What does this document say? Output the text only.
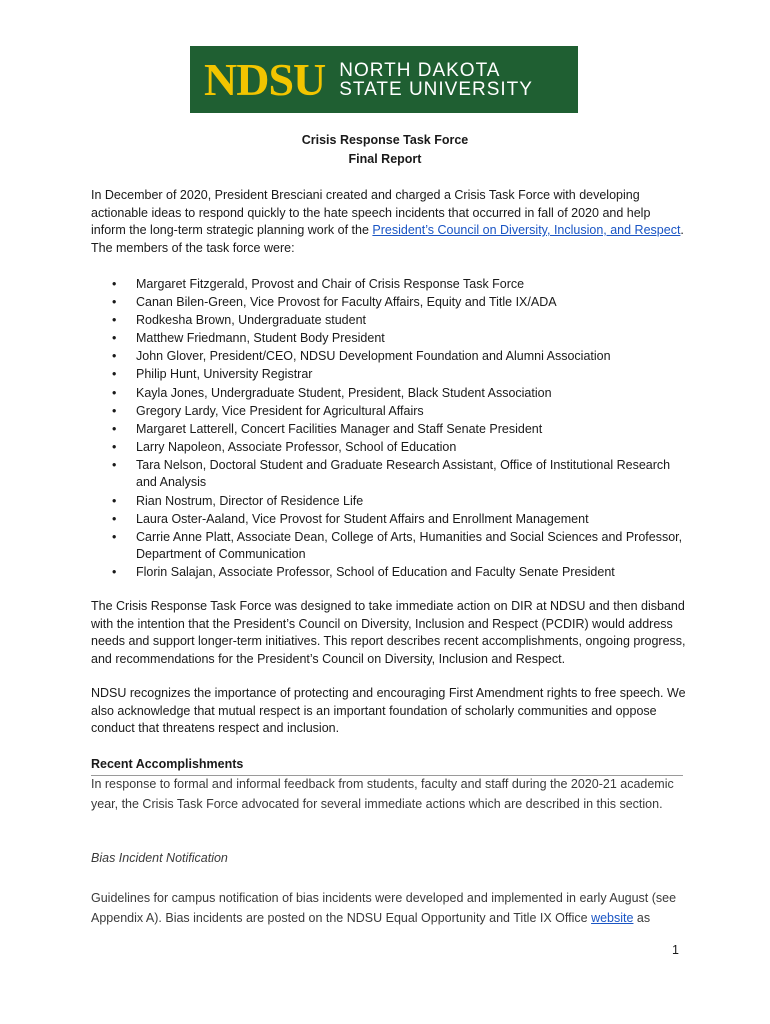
NDSU NORTH DAKOTA
STATE UNIVERSITY
Crisis Response Task Force
Final Report

In December of 2020, President Bresciani created and charged a Crisis Task Force with developing actionable ideas to respond quickly to the hate speech incidents that occurred in fall of 2020 and help inform the long-term strategic planning work of the President’s Council on Diversity, Inclusion, and Respect. The members of the task force were:

• Margaret Fitzgerald, Provost and Chair of Crisis Response Task Force
• Canan Bilen-Green, Vice Provost for Faculty Affairs, Equity and Title IX/ADA
• Rodkesha Brown, Undergraduate student
• Matthew Friedmann, Student Body President
• John Glover, President/CEO, NDSU Development Foundation and Alumni Association
• Philip Hunt, University Registrar
• Kayla Jones, Undergraduate Student, President, Black Student Association
• Gregory Lardy, Vice President for Agricultural Affairs
• Margaret Latterell, Concert Facilities Manager and Staff Senate President
• Larry Napoleon, Associate Professor, School of Education
• Tara Nelson, Doctoral Student and Graduate Research Assistant, Office of Institutional Research and Analysis
• Rian Nostrum, Director of Residence Life
• Laura Oster-Aaland, Vice Provost for Student Affairs and Enrollment Management
• Carrie Anne Platt, Associate Dean, College of Arts, Humanities and Social Sciences and Professor, Department of Communication
• Florin Salajan, Associate Professor, School of Education and Faculty Senate President

The Crisis Response Task Force was designed to take immediate action on DIR at NDSU and then disband with the intention that the President’s Council on Diversity, Inclusion and Respect (PCDIR) would address needs and support longer-term initiatives. This report describes recent accomplishments, ongoing progress, and recommendations for the President’s Council on Diversity, Inclusion and Respect.

NDSU recognizes the importance of protecting and encouraging First Amendment rights to free speech. We also acknowledge that mutual respect is an important foundation of scholarly communities and oppose conduct that threatens respect and inclusion.

Recent Accomplishments

In response to formal and informal feedback from students, faculty and staff during the 2020-21 academic year, the Crisis Task Force advocated for several immediate actions which are described in this section.

Bias Incident Notification

Guidelines for campus notification of bias incidents were developed and implemented in early August (see Appendix A). Bias incidents are posted on the NDSU Equal Opportunity and Title IX Office website as

1
